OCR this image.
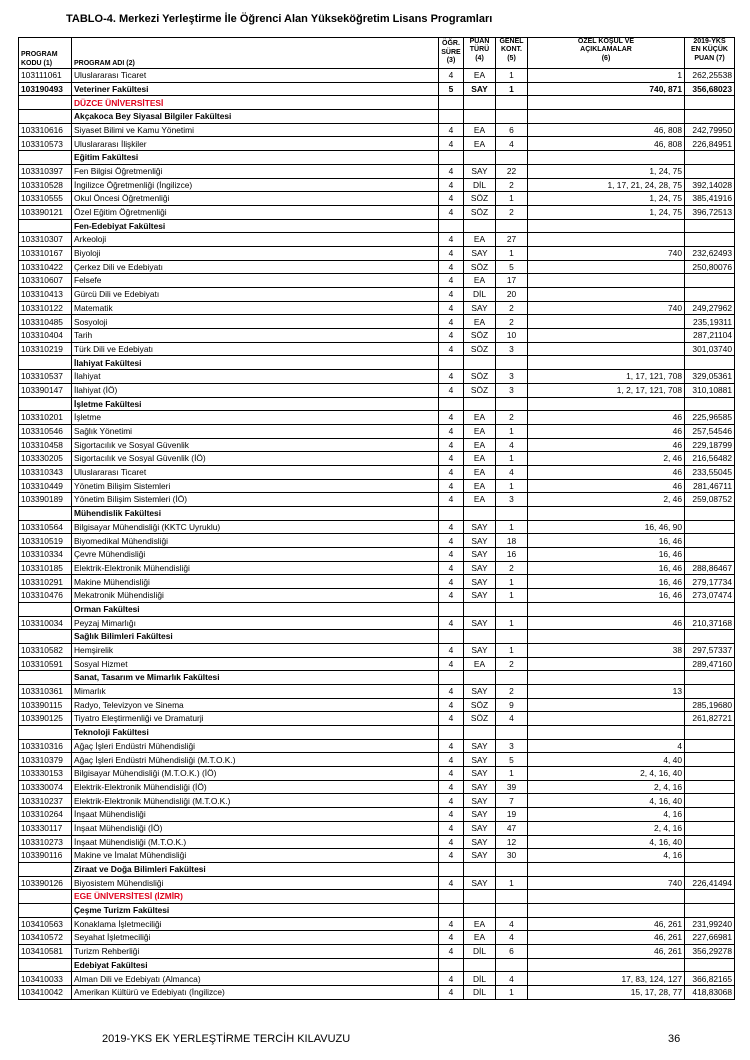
TABLO-4. Merkezi Yerleştirme İle Öğrenci Alan Yükseköğretim Lisans Programları
PROGRAM
KODU (1)	PROGRAM ADI (2)	ÖĞR.
SÜRE
(3)	PUAN
TÜRÜ
(4)	GENEL
KONT.
(5)	ÖZEL KOŞUL VE
AÇIKLAMALAR
(6)	2019-YKS
EN KÜÇÜK
PUAN (7)
103111061	Uluslararası Ticaret	4	EA	1	1	262,25538
103190493	Veteriner Fakültesi	5	SAY	1	740, 871	356,68023
	DÜZCE ÜNİVERSİTESİ					
	Akçakoca Bey Siyasal Bilgiler Fakültesi					
103310616	Siyaset Bilimi ve Kamu Yönetimi	4	EA	6	46, 808	242,79950
103310573	Uluslararası İlişkiler	4	EA	4	46, 808	226,84951
	Eğitim Fakültesi					
103310397	Fen Bilgisi Öğretmenliği	4	SAY	22	1, 24, 75	
103310528	İngilizce Öğretmenliği (İngilizce)	4	DİL	2	1, 17, 21, 24, 28, 75	392,14028
103310555	Okul Öncesi Öğretmenliği	4	SÖZ	1	1, 24, 75	385,41916
103390121	Özel Eğitim Öğretmenliği	4	SÖZ	2	1, 24, 75	396,72513
	Fen-Edebiyat Fakültesi					
103310307	Arkeoloji	4	EA	27		
103310167	Biyoloji	4	SAY	1	740	232,62493
103310422	Çerkez Dili ve Edebiyatı	4	SÖZ	5		250,80076
103310607	Felsefe	4	EA	17		
103310413	Gürcü Dili ve Edebiyatı	4	DİL	20		
103310122	Matematik	4	SAY	2	740	249,27962
103310485	Sosyoloji	4	EA	2		235,19311
103310404	Tarih	4	SÖZ	10		287,21104
103310219	Türk Dili ve Edebiyatı	4	SÖZ	3		301,03740
	İlahiyat Fakültesi					
103310537	İlahiyat	4	SÖZ	3	1, 17, 121, 708	329,05361
103390147	İlahiyat (İÖ)	4	SÖZ	3	1, 2, 17, 121, 708	310,10881
	İşletme Fakültesi					
103310201	İşletme	4	EA	2	46	225,96585
103310546	Sağlık Yönetimi	4	EA	1	46	257,54546
103310458	Sigortacılık ve Sosyal Güvenlik	4	EA	4	46	229,18799
103330205	Sigortacılık ve Sosyal Güvenlik (İÖ)	4	EA	1	2, 46	216,56482
103310343	Uluslararası Ticaret	4	EA	4	46	233,55045
103310449	Yönetim Bilişim Sistemleri	4	EA	1	46	281,46711
103390189	Yönetim Bilişim Sistemleri (İÖ)	4	EA	3	2, 46	259,08752
	Mühendislik Fakültesi					
103310564	Bilgisayar Mühendisliği (KKTC Uyruklu)	4	SAY	1	16, 46, 90	
103310519	Biyomedikal Mühendisliği	4	SAY	18	16, 46	
103310334	Çevre Mühendisliği	4	SAY	16	16, 46	
103310185	Elektrik-Elektronik Mühendisliği	4	SAY	2	16, 46	288,86467
103310291	Makine Mühendisliği	4	SAY	1	16, 46	279,17734
103310476	Mekatronik Mühendisliği	4	SAY	1	16, 46	273,07474
	Orman Fakültesi					
103310034	Peyzaj Mimarlığı	4	SAY	1	46	210,37168
	Sağlık Bilimleri Fakültesi					
103310582	Hemşirelik	4	SAY	1	38	297,57337
103310591	Sosyal Hizmet	4	EA	2		289,47160
	Sanat, Tasarım ve Mimarlık Fakültesi					
103310361	Mimarlık	4	SAY	2	13	
103390115	Radyo, Televizyon ve Sinema	4	SÖZ	9		285,19680
103390125	Tiyatro Eleştirmenliği ve Dramaturji	4	SÖZ	4		261,82721
	Teknoloji Fakültesi					
103310316	Ağaç İşleri Endüstri Mühendisliği	4	SAY	3	4	
103310379	Ağaç İşleri Endüstri Mühendisliği (M.T.O.K.)	4	SAY	5	4, 40	
103330153	Bilgisayar Mühendisliği (M.T.O.K.) (İÖ)	4	SAY	1	2, 4, 16, 40	
103330074	Elektrik-Elektronik Mühendisliği (İÖ)	4	SAY	39	2, 4, 16	
103310237	Elektrik-Elektronik Mühendisliği (M.T.O.K.)	4	SAY	7	4, 16, 40	
103310264	İnşaat Mühendisliği	4	SAY	19	4, 16	
103330117	İnşaat Mühendisliği (İÖ)	4	SAY	47	2, 4, 16	
103310273	İnşaat Mühendisliği (M.T.O.K.)	4	SAY	12	4, 16, 40	
103390116	Makine ve İmalat Mühendisliği	4	SAY	30	4, 16	
	Ziraat ve Doğa Bilimleri Fakültesi					
103390126	Biyosistem Mühendisliği	4	SAY	1	740	226,41494
	EGE ÜNİVERSİTESİ (İZMİR)					
	Çeşme Turizm Fakültesi					
103410563	Konaklama İşletmeciliği	4	EA	4	46, 261	231,99240
103410572	Seyahat İşletmeciliği	4	EA	4	46, 261	227,66981
103410581	Turizm Rehberliği	4	DİL	6	46, 261	356,29278
	Edebiyat Fakültesi					
103410033	Alman Dili ve Edebiyatı (Almanca)	4	DİL	4	17, 83, 124, 127	366,82165
103410042	Amerikan Kültürü ve Edebiyatı (İngilizce)	4	DİL	1	15, 17, 28, 77	418,83068
2019-YKS EK YERLEŞTİRME TERCİH KILAVUZU	36
